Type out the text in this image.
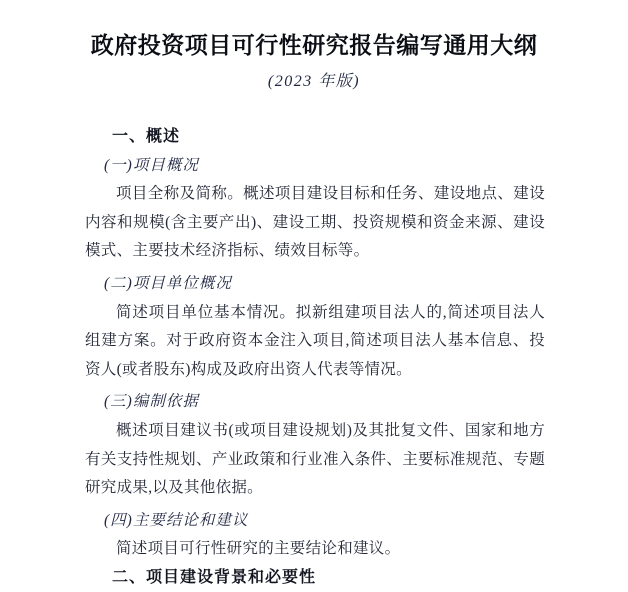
政府投资项目可行性研究报告编写通用大纲
(2023 年版)
一、概述
(一)项目概况

项目全称及简称。概述项目建设目标和任务、建设地点、建设内容和规模(含主要产出)、建设工期、投资规模和资金来源、建设模式、主要技术经济指标、绩效目标等。

(二)项目单位概况

简述项目单位基本情况。拟新组建项目法人的,简述项目法人组建方案。对于政府资本金注入项目,简述项目法人基本信息、投资人(或者股东)构成及政府出资人代表等情况。

(三)编制依据

概述项目建议书(或项目建设规划)及其批复文件、国家和地方有关支持性规划、产业政策和行业准入条件、主要标准规范、专题研究成果,以及其他依据。

(四)主要结论和建议

简述项目可行性研究的主要结论和建议。

二、项目建设背景和必要性
